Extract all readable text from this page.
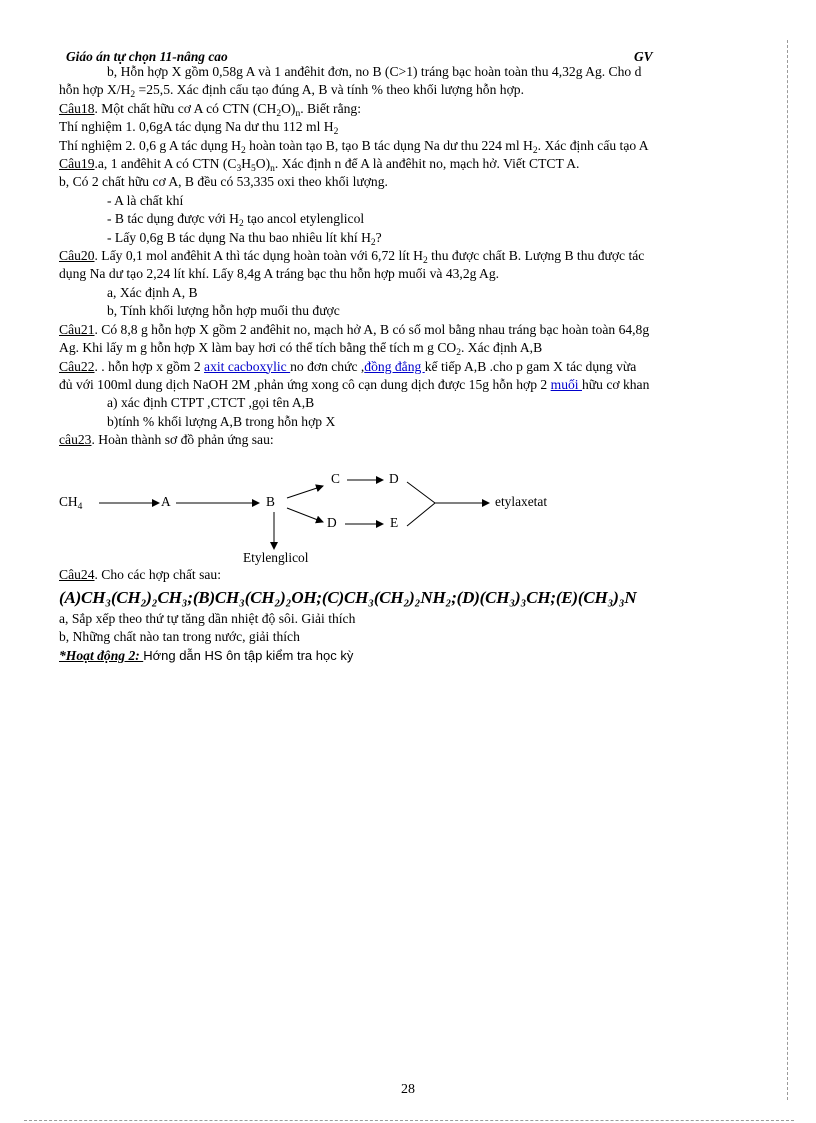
Giáo án tự chọn 11-nâng cao	GV

b, Hỗn hợp X gồm 0,58g A và 1 anđêhit đơn, no B (C>1) tráng bạc hoàn toàn thu 4,32g Ag. Cho d

hỗn hợp $X/H_2 =25,5$. Xác định cấu tạo đúng A, B và tính % theo khối lượng hỗn hợp.

Câu18. Một chất hữu cơ A có CTN $(CH_2O)_n$. Biết rằng:

Thí nghiệm 1. 0,6gA tác dụng Na dư thu 112 ml $H_2$

Thí nghiệm 2. 0,6 g A tác dụng $H_2$ hoàn toàn tạo B, tạo B tác dụng Na dư thu 224 ml $H_2$. Xác định cấu tạo A

Câu19.a, 1 anđêhit A có CTN $(C_3H_5O)_n$. Xác định n để A là anđêhit no, mạch hở. Viết CTCT A.

b, Có 2 chất hữu cơ A, B đều có 53,335 oxi theo khối lượng.

- A là chất khí

- B tác dụng được với $H_2$ tạo ancol etylenglicol

- Lấy 0,6g B tác dụng Na thu bao nhiêu lít khí $H_2$?

Câu20. Lấy 0,1 mol anđêhit A thì tác dụng hoàn toàn với 6,72 lít $H_2$ thu được chất B. Lượng B thu được tác

dụng Na dư tạo 2,24 lít khí. Lấy 8,4g A tráng bạc thu hỗn hợp muối và 43,2g Ag.

a, Xác định A, B

b, Tính khối lượng hỗn hợp muối thu được

Câu21. Có 8,8 g hỗn hợp X gồm 2 anđêhit no, mạch hở A, B có số mol bằng nhau tráng bạc hoàn toàn 64,8g

Ag. Khi lấy m g hỗn hợp X làm bay hơi có thể tích bằng thể tích m g $CO_2$. Xác định A,B

Câu22. . hỗn hợp x gồm 2 axit cacboxylic no đơn chức ,đồng đẳng kế tiếp A,B .cho p gam X tác dụng vừa

đủ với 100ml dung dịch NaOH 2M ,phản ứng xong cô cạn dung dịch được 15g hỗn hợp 2 muối hữu cơ khan

a) xác định CTPT ,CTCT ,gọi tên A,B

b)tính % khối lượng A,B trong hỗn hợp X

câu23. Hoàn thành sơ đồ phản ứng sau:

$CH_4$	A	B
C	D
D	E
etylaxetat
Etylenglicol

Câu24. Cho các hợp chất sau:

(A)CH₃(CH₂)₂CH₃;(B)CH₃(CH₂)₂OH;(C)CH₃(CH₂)₂NH₂;(D)(CH₃)₃CH;(E)(CH₃)₃N

a, Sắp xếp theo thứ tự tăng dần nhiệt độ sôi. Giải thích

b, Những chất nào tan trong nước, giải thích

*Hoạt động 2: Hớng dẫn HS ôn tập kiểm tra học kỳ

28
